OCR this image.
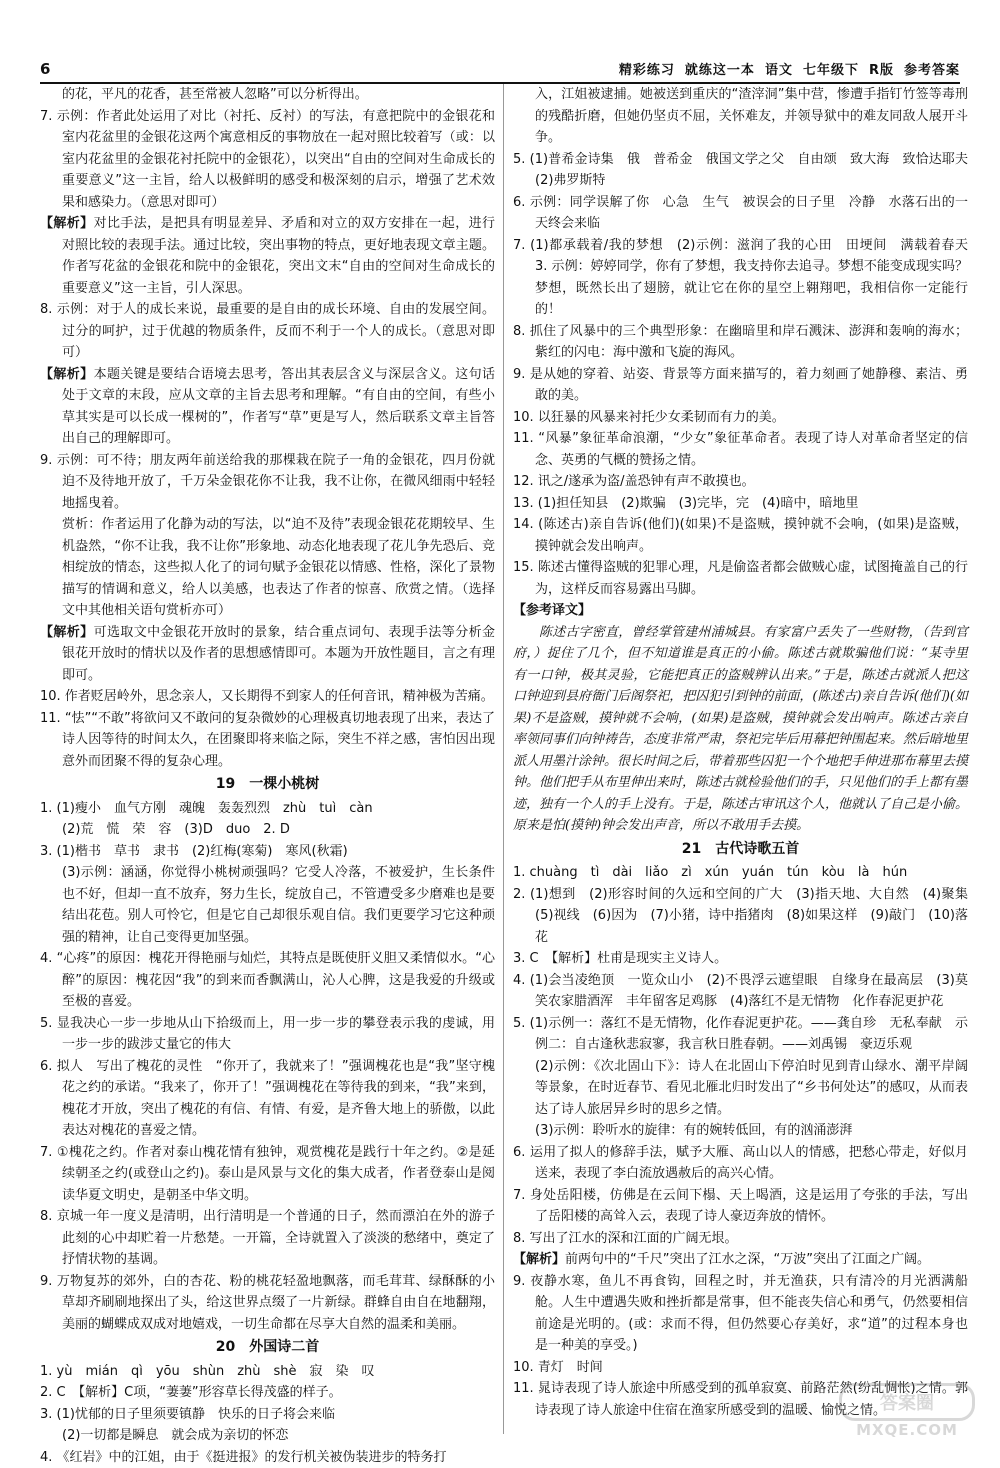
6	精彩练习 就练这一本 语文 七年级下 R版 参考答案

的花，平凡的花香，甚至常被人忽略”可以分析得出。

7. 示例：作者此处运用了对比（衬托、反衬）的写法，有意把院中的金银花和室内花盆里的金银花这两个寓意相反的事物放在一起对照比较着写（或：以室内花盆里的金银花衬托院中的金银花），以突出“自由的空间对生命成长的重要意义”这一主旨，给人以极鲜明的感受和极深刻的启示，增强了艺术效果和感染力。（意思对即可）

【解析】对比手法，是把具有明显差异、矛盾和对立的双方安排在一起，进行对照比较的表现手法。通过比较，突出事物的特点，更好地表现文章主题。作者写花盆的金银花和院中的金银花，突出文末“自由的空间对生命成长的重要意义”这一主旨，引人深思。

8. 示例：对于人的成长来说，最重要的是自由的成长环境、自由的发展空间。过分的呵护，过于优越的物质条件，反而不利于一个人的成长。（意思对即可）

【解析】本题关键是要结合语境去思考，答出其表层含义与深层含义。这句话处于文章的末段，应从文章的主旨去思考和理解。“有自由的空间，有些小草其实是可以长成一棵树的”，作者写“草”更是写人，然后联系文章主旨答出自己的理解即可。

9. 示例：可不待；朋友两年前送给我的那棵栽在院子一角的金银花，四月份就迫不及待地开放了，千万朵金银花你不让我，我不让你，在微风细雨中轻轻地摇曳着。

赏析：作者运用了化静为动的写法，以“迫不及待”表现金银花花期较早、生机盎然，“你不让我，我不让你”形象地、动态化地表现了花儿争先恐后、竞相绽放的情态，这些拟人化了的词句赋予金银花以情感、性格，深化了景物描写的情调和意义，给人以美感，也表达了作者的惊喜、欣赏之情。（选择文中其他相关语句赏析亦可）

【解析】可选取文中金银花开放时的景象，结合重点词句、表现手法等分析金银花开放时的情状以及作者的思想感情即可。本题为开放性题目，言之有理即可。

10. 作者贬居岭外，思念亲人，又长期得不到家人的任何音讯，精神极为苦痛。

11. “怯”“不敢”将欲问又不敢问的复杂微妙的心理极真切地表现了出来，表达了诗人因等待的时间太久，在团聚即将来临之际，突生不祥之感，害怕因出现意外而团聚不得的复杂心理。

19　一棵小桃树

1. (1)瘦小　血气方刚　魂魄　轰轰烈烈　zhù　tuì　càn

(2)荒　慌　荣　容　(3)D　duo　2. D

3. (1)楷书　草书　隶书　(2)红梅(寒菊)　寒风(秋霜)

(3)示例：涵涵，你觉得小桃树顽强吗？它受人冷落，不被爱护，生长条件也不好，但却一直不放弃，努力生长，绽放自己，不管遭受多少磨难也是要结出花苞。别人可怜它，但是它自己却很乐观自信。我们更要学习它这种顽强的精神，让自己变得更加坚强。

4. “心疼”的原因：槐花开得艳丽与灿烂，其特点是既使肝义胆又柔情似水。“心醉”的原因：槐花因“我”的到来而香飘满山，沁人心脾，这是我爱的升级或至极的喜爱。

5. 显我决心一步一步地从山下拾级而上，用一步一步的攀登表示我的虔诚，用一步一步的跋涉丈量它的伟大

6. 拟人　写出了槐花的灵性　“你开了，我就来了！”强调槐花也是“我”坚守槐花之约的承诺。“我来了，你开了！”强调槐花在等待我的到来，“我”来到，槐花才开放，突出了槐花的有信、有情、有爱，是齐鲁大地上的骄傲，以此表达对槐花的喜爱之情。

7. ①槐花之约。作者对泰山槐花情有独钟，观赏槐花是践行十年之约。②是延续朝圣之约(或登山之约)。泰山是风景与文化的集大成者，作者登泰山是阅读华夏文明史，是朝圣中华文明。

8. 京城一年一度义是清明，出行清明是一个普通的日子，然而漂泊在外的游子此刻的心中却贮着一片愁楚。一开篇，全诗就置入了淡淡的愁绪中，奠定了抒情状物的基调。

9. 万物复苏的郊外，白的杏花、粉的桃花轻盈地飘落，而毛茸茸、绿酥酥的小草却齐刷刷地探出了头，给这世界点缀了一片新绿。群蜂自由自在地翻翔，美丽的蝴蝶成双成对地嬉戏，一切生命都在尽享大自然的温柔和美丽。

20　外国诗二首

1. yù　mián　qì　yōu　shùn　zhù　shè　寂　染　叹

2. C　【解析】C项，“萋萋”形容草长得茂盛的样子。

3. (1)忧郁的日子里须要镇静　快乐的日子将会来临

(2)一切都是瞬息　就会成为亲切的怀恋

4. 《红岩》中的江姐，由于《挺进报》的发行机关被伪装进步的特务打

入，江姐被逮捕。她被送到重庆的“渣滓洞”集中营，惨遭手指钉竹签等毒刑的残酷折磨，但她仍坚贞不屈，关怀难友，并领导狱中的难友同敌人展开斗争。

5. (1)普希金诗集　俄　普希金　俄国文学之父　自由颂　致大海　致恰达耶夫　(2)弗罗斯特

6. 示例：同学误解了你　心急　生气　被误会的日子里　冷静　水落石出的一天终会来临

7. (1)都承载着/我的梦想　(2)示例：滋润了我的心田　田埂间　满载着春天　3. 示例：婷婷同学，你有了梦想，我支持你去追寻。梦想不能变成现实吗？梦想，既然长出了翅膀，就让它在你的星空上翱翔吧，我相信你一定能行的！

8. 抓住了风暴中的三个典型形象：在幽暗里和岸石溅沫、澎湃和轰响的海水；紫红的闪电：海中激和飞旋的海风。

9. 是从她的穿着、站姿、背景等方面来描写的，着力刻画了她静穆、素洁、勇敢的美。

10. 以狂暴的风暴来衬托少女柔韧而有力的美。

11. “风暴”象征革命浪潮，“少女”象征革命者。表现了诗人对革命者坚定的信念、英勇的气概的赞扬之情。

12. 讯之/遂承为盗/盖恐钟有声不敢摸也。

13. (1)担任知县　(2)欺骗　(3)完毕，完　(4)暗中，暗地里

14. (陈述古)亲自告诉(他们)(如果)不是盗贼，摸钟就不会响，(如果)是盗贼，摸钟就会发出响声。

15. 陈述古懂得盗贼的犯罪心理，凡是偷盗者都会做贼心虚，试图掩盖自己的行为，这样反而容易露出马脚。

【参考译文】

陈述古字密直，曾经掌管建州浦城县。有家富户丢失了一些财物，（告到官府，）捉住了几个，但不知道谁是真正的小偷。陈述古就欺骗他们说：“某寺里有一口钟，极其灵验，它能把真正的盗贼辨认出来。”于是，陈述古就派人把这口钟迎到县府衙门后阁祭祀，把囚犯引到钟的前面，(陈述古)亲自告诉(他们)(如果)不是盗贼，摸钟就不会响，(如果)是盗贼，摸钟就会发出响声。陈述古亲自率领同事们向钟祷告，态度非常严肃，祭祀完毕后用幕把钟围起来。然后暗地里派人用墨汁涂钟。很长时间之后，带着那些囚犯一个个地把手伸进那布幕里去摸钟。他们把手从布里伸出来时，陈述古就检验他们的手，只见他们的手上都有墨迹，独有一个人的手上没有。于是，陈述古审讯这个人，他就认了自己是小偷。原来是怕(摸钟)钟会发出声音，所以不敢用手去摸。

21　古代诗歌五首

1. chuàng　tì　dài　liǎo　zì　xún　yuán　tún　kòu　là　hún

2. (1)想到　(2)形容时间的久远和空间的广大　(3)指天地、大自然　(4)聚集　(5)视线　(6)因为　(7)小猪，诗中指猪肉　(8)如果这样　(9)敲门　(10)落花

3. C　【解析】杜甫是现实主义诗人。

4. (1)会当凌绝顶　一览众山小　(2)不畏浮云遮望眼　自缘身在最高层　(3)莫笑农家腊酒浑　丰年留客足鸡豚　(4)落红不是无情物　化作春泥更护花

5. (1)示例一：落红不是无情物，化作春泥更护花。——龚自珍　无私奉献　示例二：自古逢秋悲寂寥，我言秋日胜春朝。——刘禹锡　豪迈乐观

(2)示例：《次北固山下》：诗人在北固山下停泊时见到青山绿水、潮平岸阔等景象，在时近春节、看见北雁北归时发出了“乡书何处达”的感叹，从而表达了诗人旅居异乡时的思乡之情。

(3)示例：聆听水的旋律：有的婉转低回，有的汹涌澎湃

6. 运用了拟人的修辞手法，赋予大雁、高山以人的情感，把愁心带走，好似月送来，表现了李白流放遇赦后的高兴心情。

7. 身处岳阳楼，仿佛是在云间下榻、天上喝酒，这是运用了夸张的手法，写出了岳阳楼的高耸入云，表现了诗人豪迈奔放的情怀。

8. 写出了江水的深和江面的广阔无垠。

【解析】前两句中的“千尺”突出了江水之深，“万波”突出了江面之广阔。

9. 夜静水寒，鱼儿不再食钩，回程之时，并无渔获，只有清冷的月光洒满船舱。人生中遭遇失败和挫折都是常事，但不能丧失信心和勇气，仍然要相信前途是光明的。(或：求而不得，但仍然要心存美好，求“道”的过程本身也是一种美的享受。)

10. 青灯　时间

11. 晁诗表现了诗人旅途中所感受到的孤单寂寞、前路茫然(纷乱惆怅)之情。郭诗表现了诗人旅途中住宿在渔家所感受到的温暖、愉悦之情。

答案圈
MXQE.COM
